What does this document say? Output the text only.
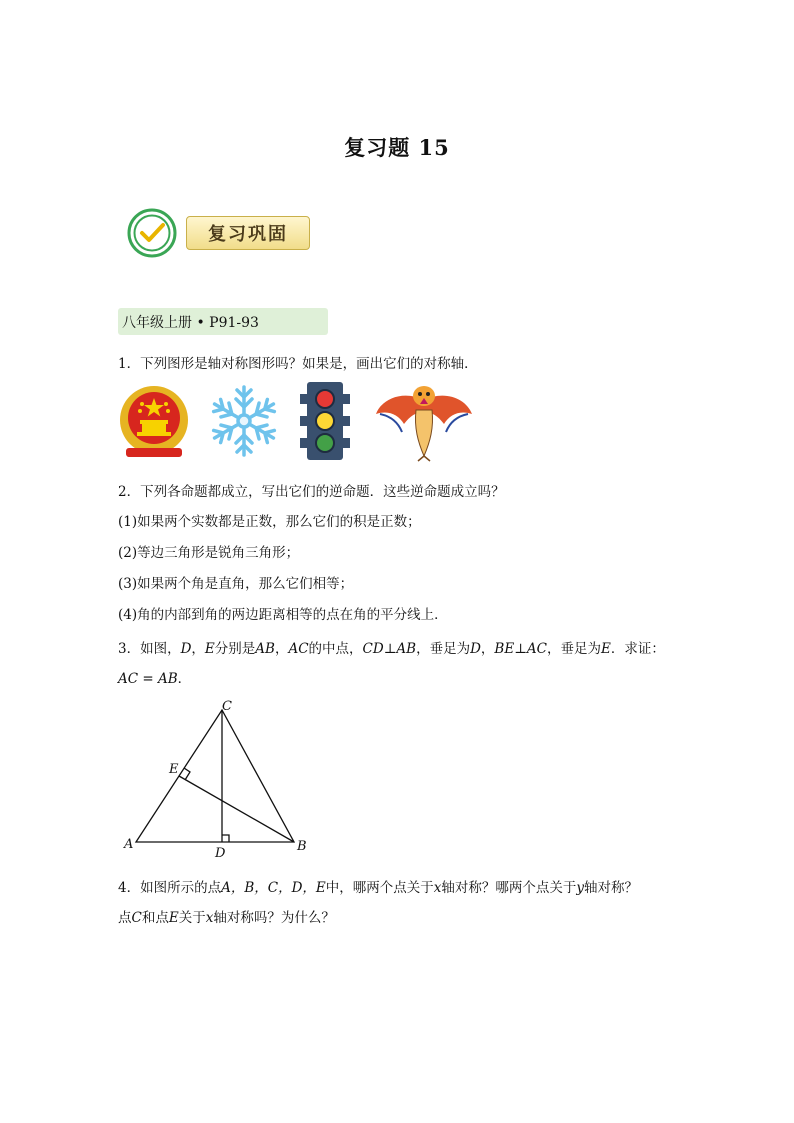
复习题 15
复习巩固
八年级上册 • P91-93
1．下列图形是轴对称图形吗？如果是，画出它们的对称轴．
2．下列各命题都成立，写出它们的逆命题．这些逆命题成立吗？
(1)如果两个实数都是正数，那么它们的积是正数；
(2)等边三角形是锐角三角形；
(3)如果两个角是直角，那么它们相等；
(4)角的内部到角的两边距离相等的点在角的平分线上．
3．如图，D，E分别是AB，AC的中点，CD⊥AB，垂足为D，BE⊥AC，垂足为E．求证：
AC = AB．
A	B
C
D
E
4．如图所示的点A，B，C，D，E中，哪两个点关于x轴对称？哪两个点关于y轴对称？
点C和点E关于x轴对称吗？为什么？
